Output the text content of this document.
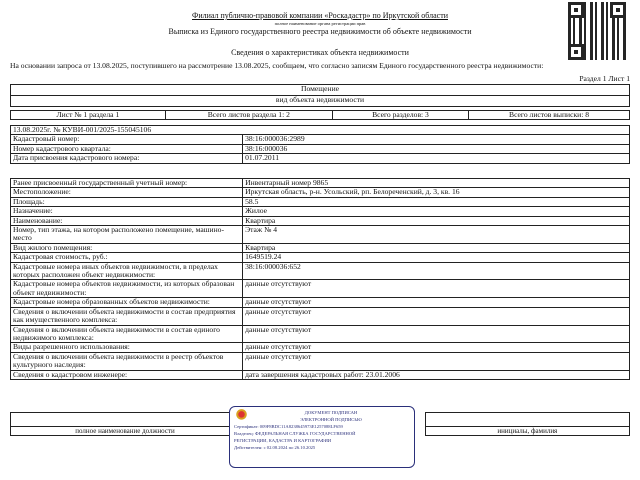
Филиал публично-правовой компании «Роскадастр» по Иркутской области
полное наименование органа регистрации прав
Выписка из Единого государственного реестра недвижимости об объекте недвижимости
Сведения о характеристиках объекта недвижимости
На основании запроса от 13.08.2025, поступившего на рассмотрение 13.08.2025, сообщаем, что согласно записям Единого государственного реестра недвижимости:
Раздел 1 Лист 1
Помещение
вид объекта недвижимости
Лист № 1 раздела 1	Всего листов раздела 1: 2	Всего разделов: 3	Всего листов выписки: 8
13.08.2025г. № КУВИ-001/2025-155045106	
Кадастровый номер:	38:16:000036:2989
Номер кадастрового квартала:	38:16:000036
Дата присвоения кадастрового номера:	01.07.2011
Ранее присвоенный государственный учетный номер:	Инвентарный номер 9865
Местоположение:	Иркутская область, р-н. Усольский, рп. Белореченский, д. 3, кв. 16
Площадь:	58.5
Назначение:	Жилое
Наименование:	Квартира
Номер, тип этажа, на котором расположено помещение, машино-место	Этаж № 4
Вид жилого помещения:	Квартира
Кадастровая стоимость, руб.:	1649519.24
Кадастровые номера иных объектов недвижимости, в пределах которых расположен объект недвижимости:	38:16:000036:652
Кадастровые номера объектов недвижимости, из которых образован объект недвижимости:	данные отсутствуют
Кадастровые номера образованных объектов недвижимости:	данные отсутствуют
Сведения о включении объекта недвижимости в состав предприятия как имущественного комплекса:	данные отсутствуют
Сведения о включении объекта недвижимости в состав единого недвижимого комплекса:	данные отсутствуют
Виды разрешенного использования:	данные отсутствуют
Сведения о включении объекта недвижимости в реестр объектов культурного наследия:	данные отсутствуют
Сведения о кадастровом инженере:	дата завершения кадастровых работ: 23.01.2006

полное наименование должности		инициалы, фамилия
ДОКУМЕНТ ПОДПИСАН
ЭЛЕКТРОННОЙ ПОДПИСЬЮ
Сертификат: 009F8BDC11A8238645973E1257088LF659
Владелец: ФЕДЕРАЛЬНАЯ СЛУЖБА ГОСУДАРСТВЕННОЙ
РЕГИСТРАЦИИ, КАДАСТРА И КАРТОГРАФИИ
Действителен: с 02.08.2024 по 26.10.2025
